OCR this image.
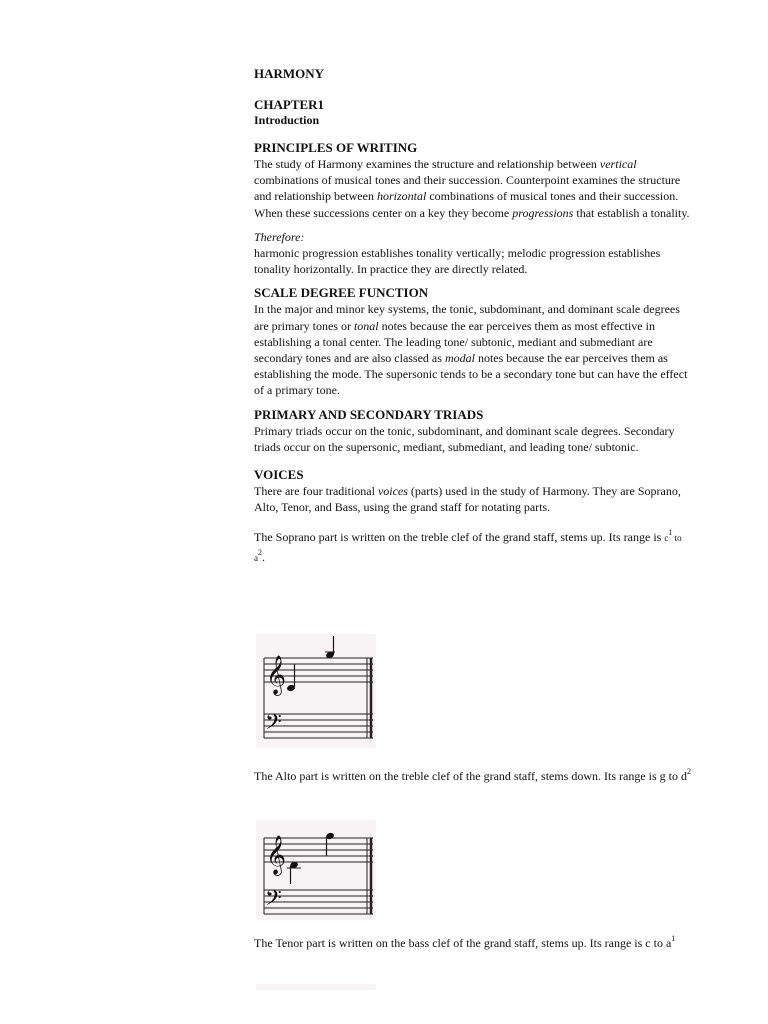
HARMONY

CHAPTER1

Introduction

PRINCIPLES OF WRITING

The study of Harmony examines the structure and relationship between vertical combinations of musical tones and their succession. Counterpoint examines the structure and relationship between horizontal combinations of musical tones and their succession. When these successions center on a key they become progressions that establish a tonality.

Therefore:

harmonic progression establishes tonality vertically; melodic progression establishes tonality horizontally. In practice they are directly related.

SCALE DEGREE FUNCTION

In the major and minor key systems, the tonic, subdominant, and dominant scale degrees are primary tones or tonal notes because the ear perceives them as most effective in establishing a tonal center. The leading tone/ subtonic, mediant and submediant are secondary tones and are also classed as modal notes because the ear perceives them as establishing the mode. The supersonic tends to be a secondary tone but can have the effect of a primary tone.

PRIMARY AND SECONDARY TRIADS

Primary triads occur on the tonic, subdominant, and dominant scale degrees. Secondary triads occur on the supersonic, mediant, submediant, and leading tone/ subtonic.

VOICES

There are four traditional voices (parts) used in the study of Harmony. They are Soprano, Alto, Tenor, and Bass, using the grand staff for notating parts.

The Soprano part is written on the treble clef of the grand staff, stems up. Its range is $c^1$ to $a^2$.

𝄞
𝄢

The Alto part is written on the treble clef of the grand staff, stems down. Its range is g to $d^2$

𝄞
𝄢

The Tenor part is written on the bass clef of the grand staff, stems up. Its range is c to $a^1$
